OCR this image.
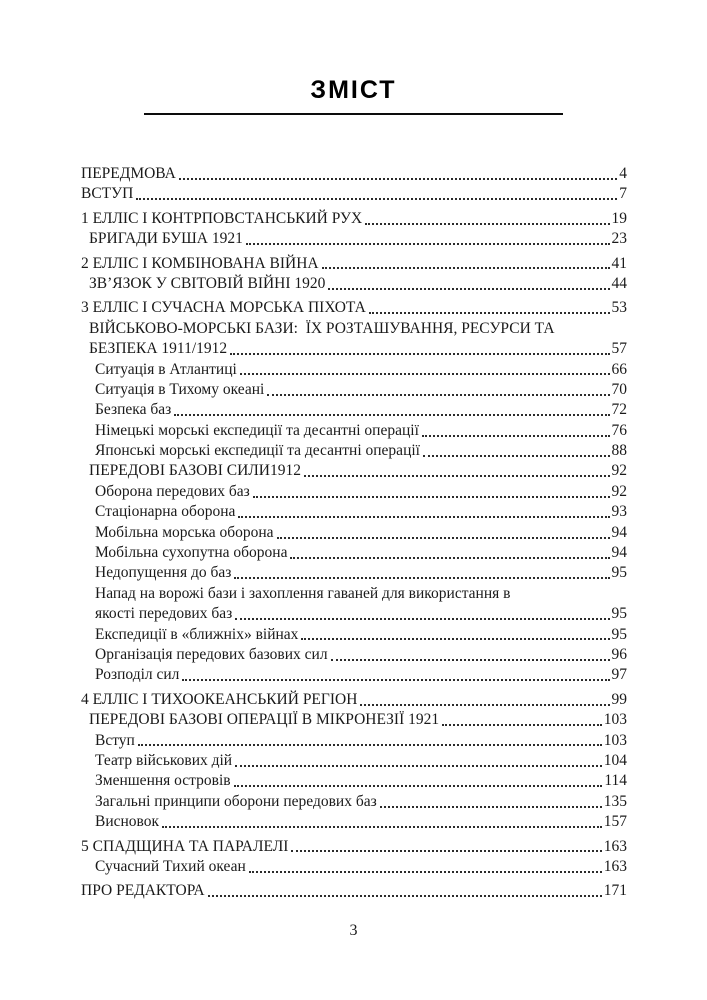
ЗМІСТ
ПЕРЕДМОВА	4
ВСТУП	7
1 ЕЛЛІС І КОНТРПОВСТАНСЬКИЙ РУХ	19
БРИГАДИ БУША 1921	23
2 ЕЛЛІС І КОМБІНОВАНА ВІЙНА	41
ЗВ’ЯЗОК У СВІТОВІЙ ВІЙНІ 1920	44
3 ЕЛЛІС І СУЧАСНА МОРСЬКА ПІХОТА	53
ВІЙСЬКОВО-МОРСЬКІ БАЗИ:  ЇХ РОЗТАШУВАННЯ, РЕСУРСИ ТА
БЕЗПЕКА 1911/1912	57
Ситуація в Атлантиці	66
Ситуація в Тихому океані	70
Безпека баз	72
Німецькі морські експедиції та десантні операції	76
Японські морські експедиції та десантні операції	88
ПЕРЕДОВІ БАЗОВІ СИЛИ1912	92
Оборона передових баз	92
Стаціонарна оборона	93
Мобільна морська оборона	94
Мобільна сухопутна оборона	94
Недопущення до баз	95
Напад на ворожі бази і захоплення гаваней для використання в
якості передових баз	95
Експедиції в «ближніх» війнах	95
Організація передових базових сил	96
Розподіл сил	97
4 ЕЛЛІС І ТИХООКЕАНСЬКИЙ РЕГІОН	99
ПЕРЕДОВІ БАЗОВІ ОПЕРАЦІЇ В МІКРОНЕЗІЇ 1921	103
Вступ	103
Театр військових дій	104
Зменшення островів	114
Загальні принципи оборони передових баз	135
Висновок	157
5 СПАДЩИНА ТА ПАРАЛЕЛІ	163
Сучасний Тихий океан	163
ПРО РЕДАКТОРА	171
3
